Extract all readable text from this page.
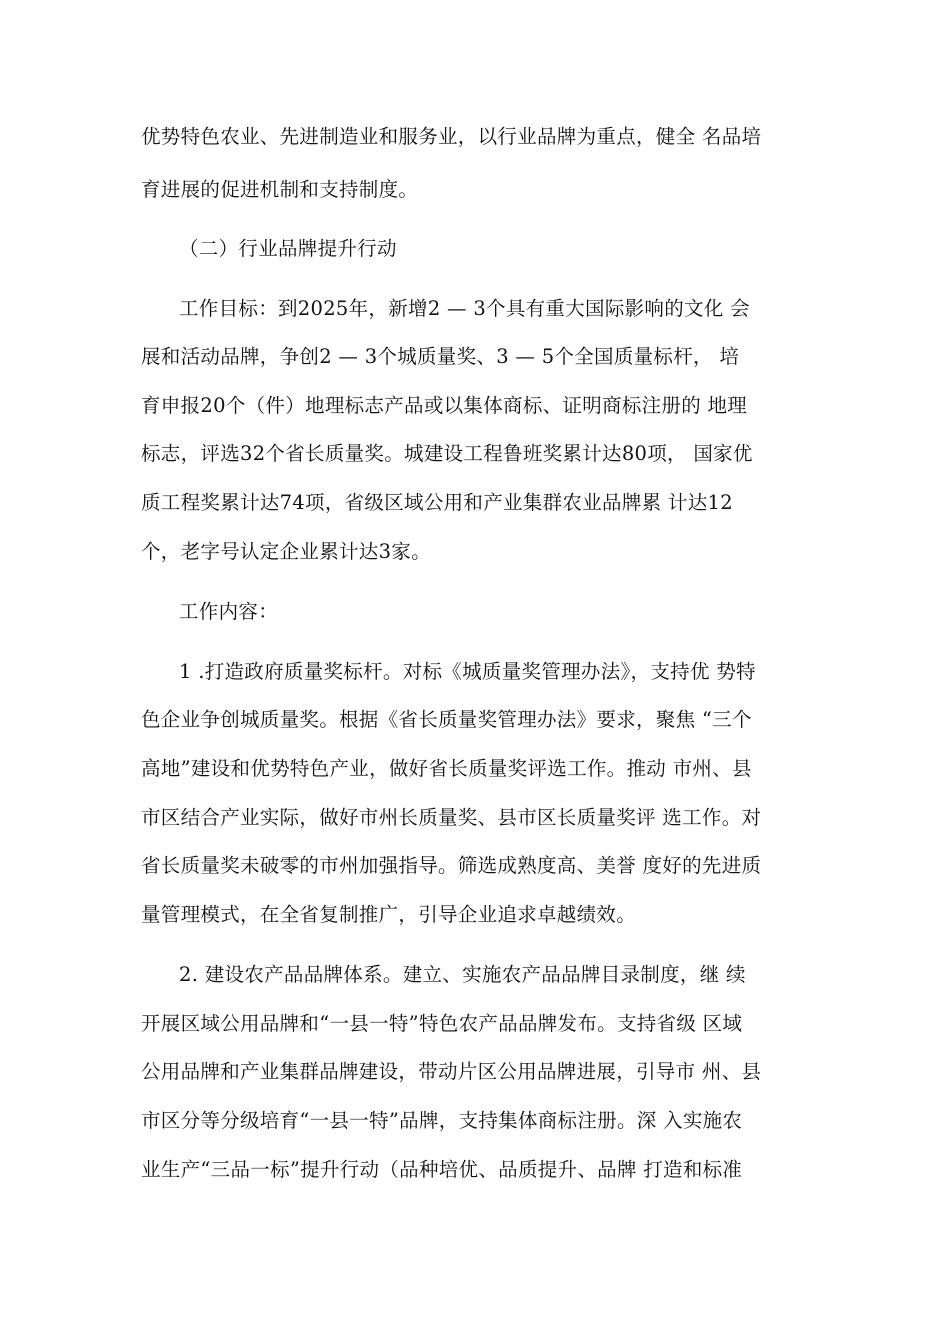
优势特色农业、先进制造业和服务业，以行业品牌为重点，健全 名品培
育进展的促进机制和支持制度。
（二）行业品牌提升行动
工作目标：到2025年，新增2 — 3个具有重大国际影响的文化 会
展和活动品牌，争创2 — 3个城质量奖、3 — 5个全国质量标杆， 培
育申报20个（件）地理标志产品或以集体商标、证明商标注册的 地理
标志，评选32个省长质量奖。城建设工程鲁班奖累计达80项， 国家优
质工程奖累计达74项，省级区域公用和产业集群农业品牌累 计达12
个，老字号认定企业累计达3家。
工作内容：
1 .打造政府质量奖标杆。对标《城质量奖管理办法》，支持优 势特
色企业争创城质量奖。根据《省长质量奖管理办法》要求，聚焦 “三个
高地”建设和优势特色产业，做好省长质量奖评选工作。推动 市州、县
市区结合产业实际，做好市州长质量奖、县市区长质量奖评 选工作。对
省长质量奖未破零的市州加强指导。筛选成熟度高、美誉 度好的先进质
量管理模式，在全省复制推广，引导企业追求卓越绩效。
2. 建设农产品品牌体系。建立、实施农产品品牌目录制度，继 续
开展区域公用品牌和“一县一特”特色农产品品牌发布。支持省级 区域
公用品牌和产业集群品牌建设，带动片区公用品牌进展，引导市 州、县
市区分等分级培育“一县一特”品牌，支持集体商标注册。深 入实施农
业生产“三品一标”提升行动（品种培优、品质提升、品牌 打造和标准
